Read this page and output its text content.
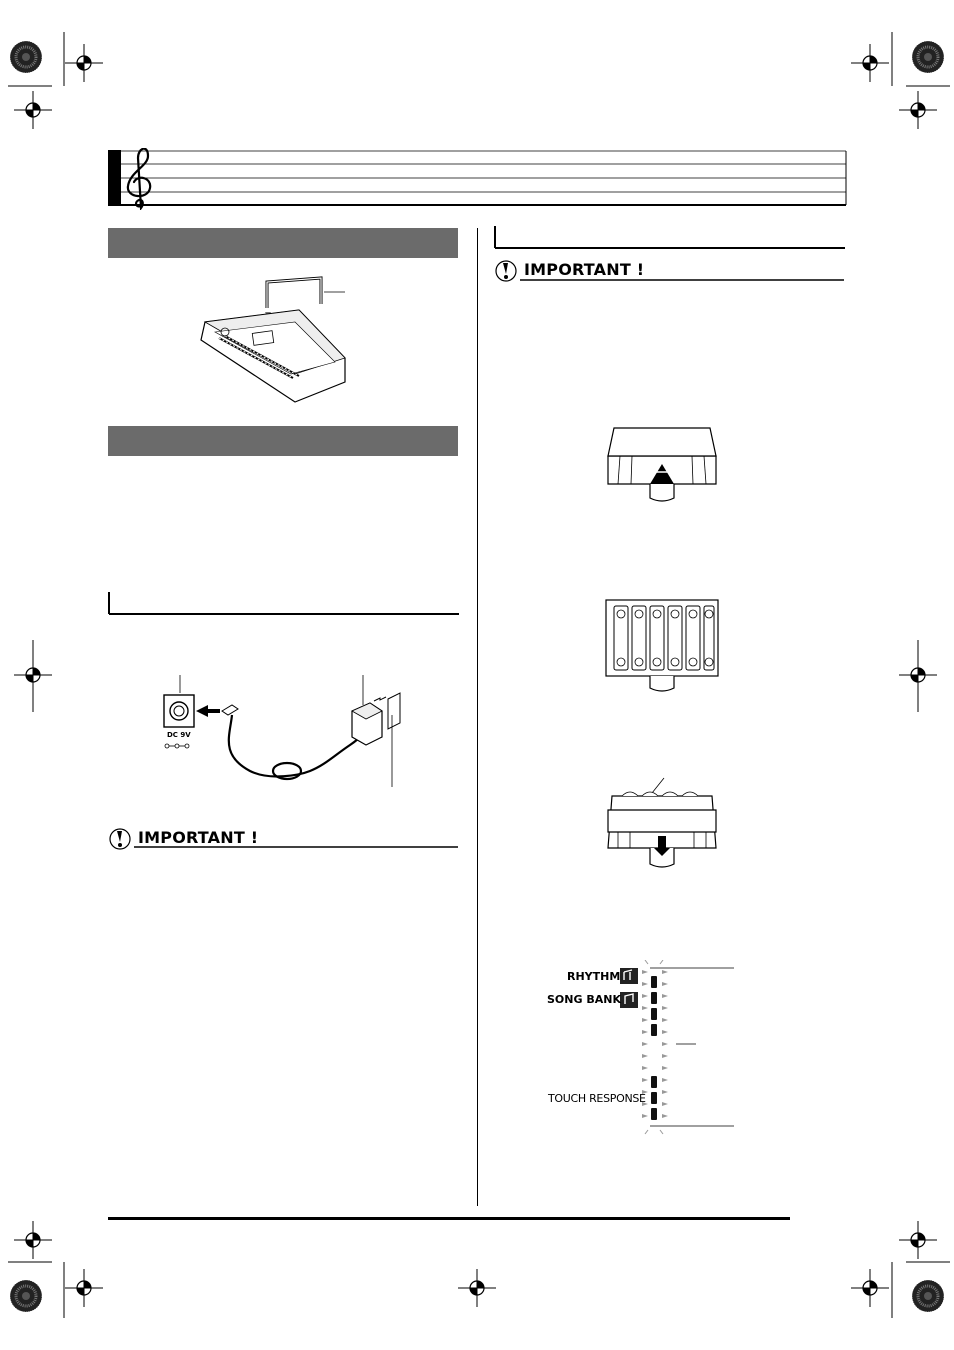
DC 9V
IMPORTANT !
IMPORTANT !
RHYTHM
SONG BANK
TOUCH RESPONSE
